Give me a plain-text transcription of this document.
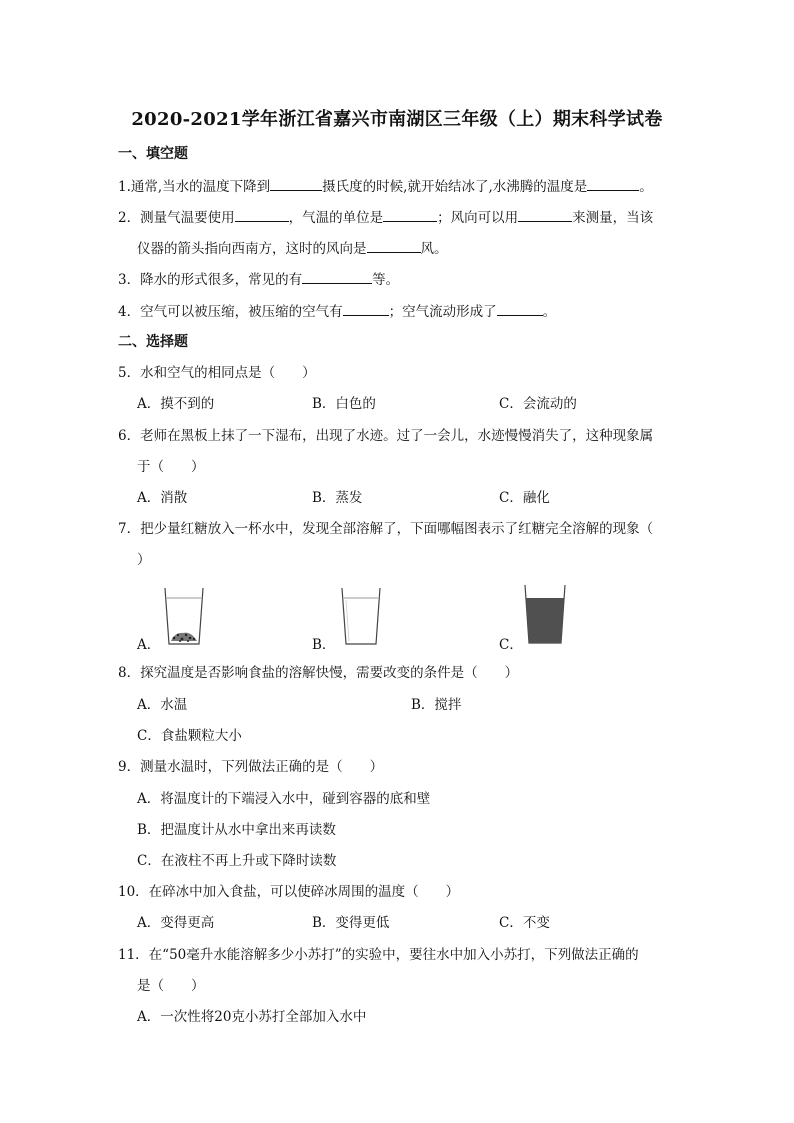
2020-2021学年浙江省嘉兴市南湖区三年级（上）期末科学试卷
一、填空题
1.通常,当水的温度下降到	摄氏度的时候,就开始结冰了,水沸腾的温度是	。
2．测量气温要使用	，气温的单位是	；风向可以用	来测量，当该
仪器的箭头指向西南方，这时的风向是	风。
3．降水的形式很多，常见的有	等。
4．空气可以被压缩，被压缩的空气有	；空气流动形成了	。
二、选择题
5．水和空气的相同点是（　　）
A．摸不到的	B．白色的	C．会流动的
6．老师在黑板上抹了一下湿布，出现了水迹。过了一会儿，水迹慢慢消失了，这种现象属
于（　　）
A．消散	B．蒸发	C．融化
7．把少量红糖放入一杯水中，发现全部溶解了，下面哪幅图表示了红糖完全溶解的现象（
）
A．	B．	C．
8．探究温度是否影响食盐的溶解快慢，需要改变的条件是（　　）
A．水温	B．搅拌
C．食盐颗粒大小
9．测量水温时，下列做法正确的是（　　）
A．将温度计的下端浸入水中，碰到容器的底和壁
B．把温度计从水中拿出来再读数
C．在液柱不再上升或下降时读数
10．在碎冰中加入食盐，可以使碎冰周围的温度（　　）
A．变得更高	B．变得更低	C．不变
11．在“50毫升水能溶解多少小苏打”的实验中，要往水中加入小苏打，下列做法正确的
是（　　）
A．一次性将20克小苏打全部加入水中
